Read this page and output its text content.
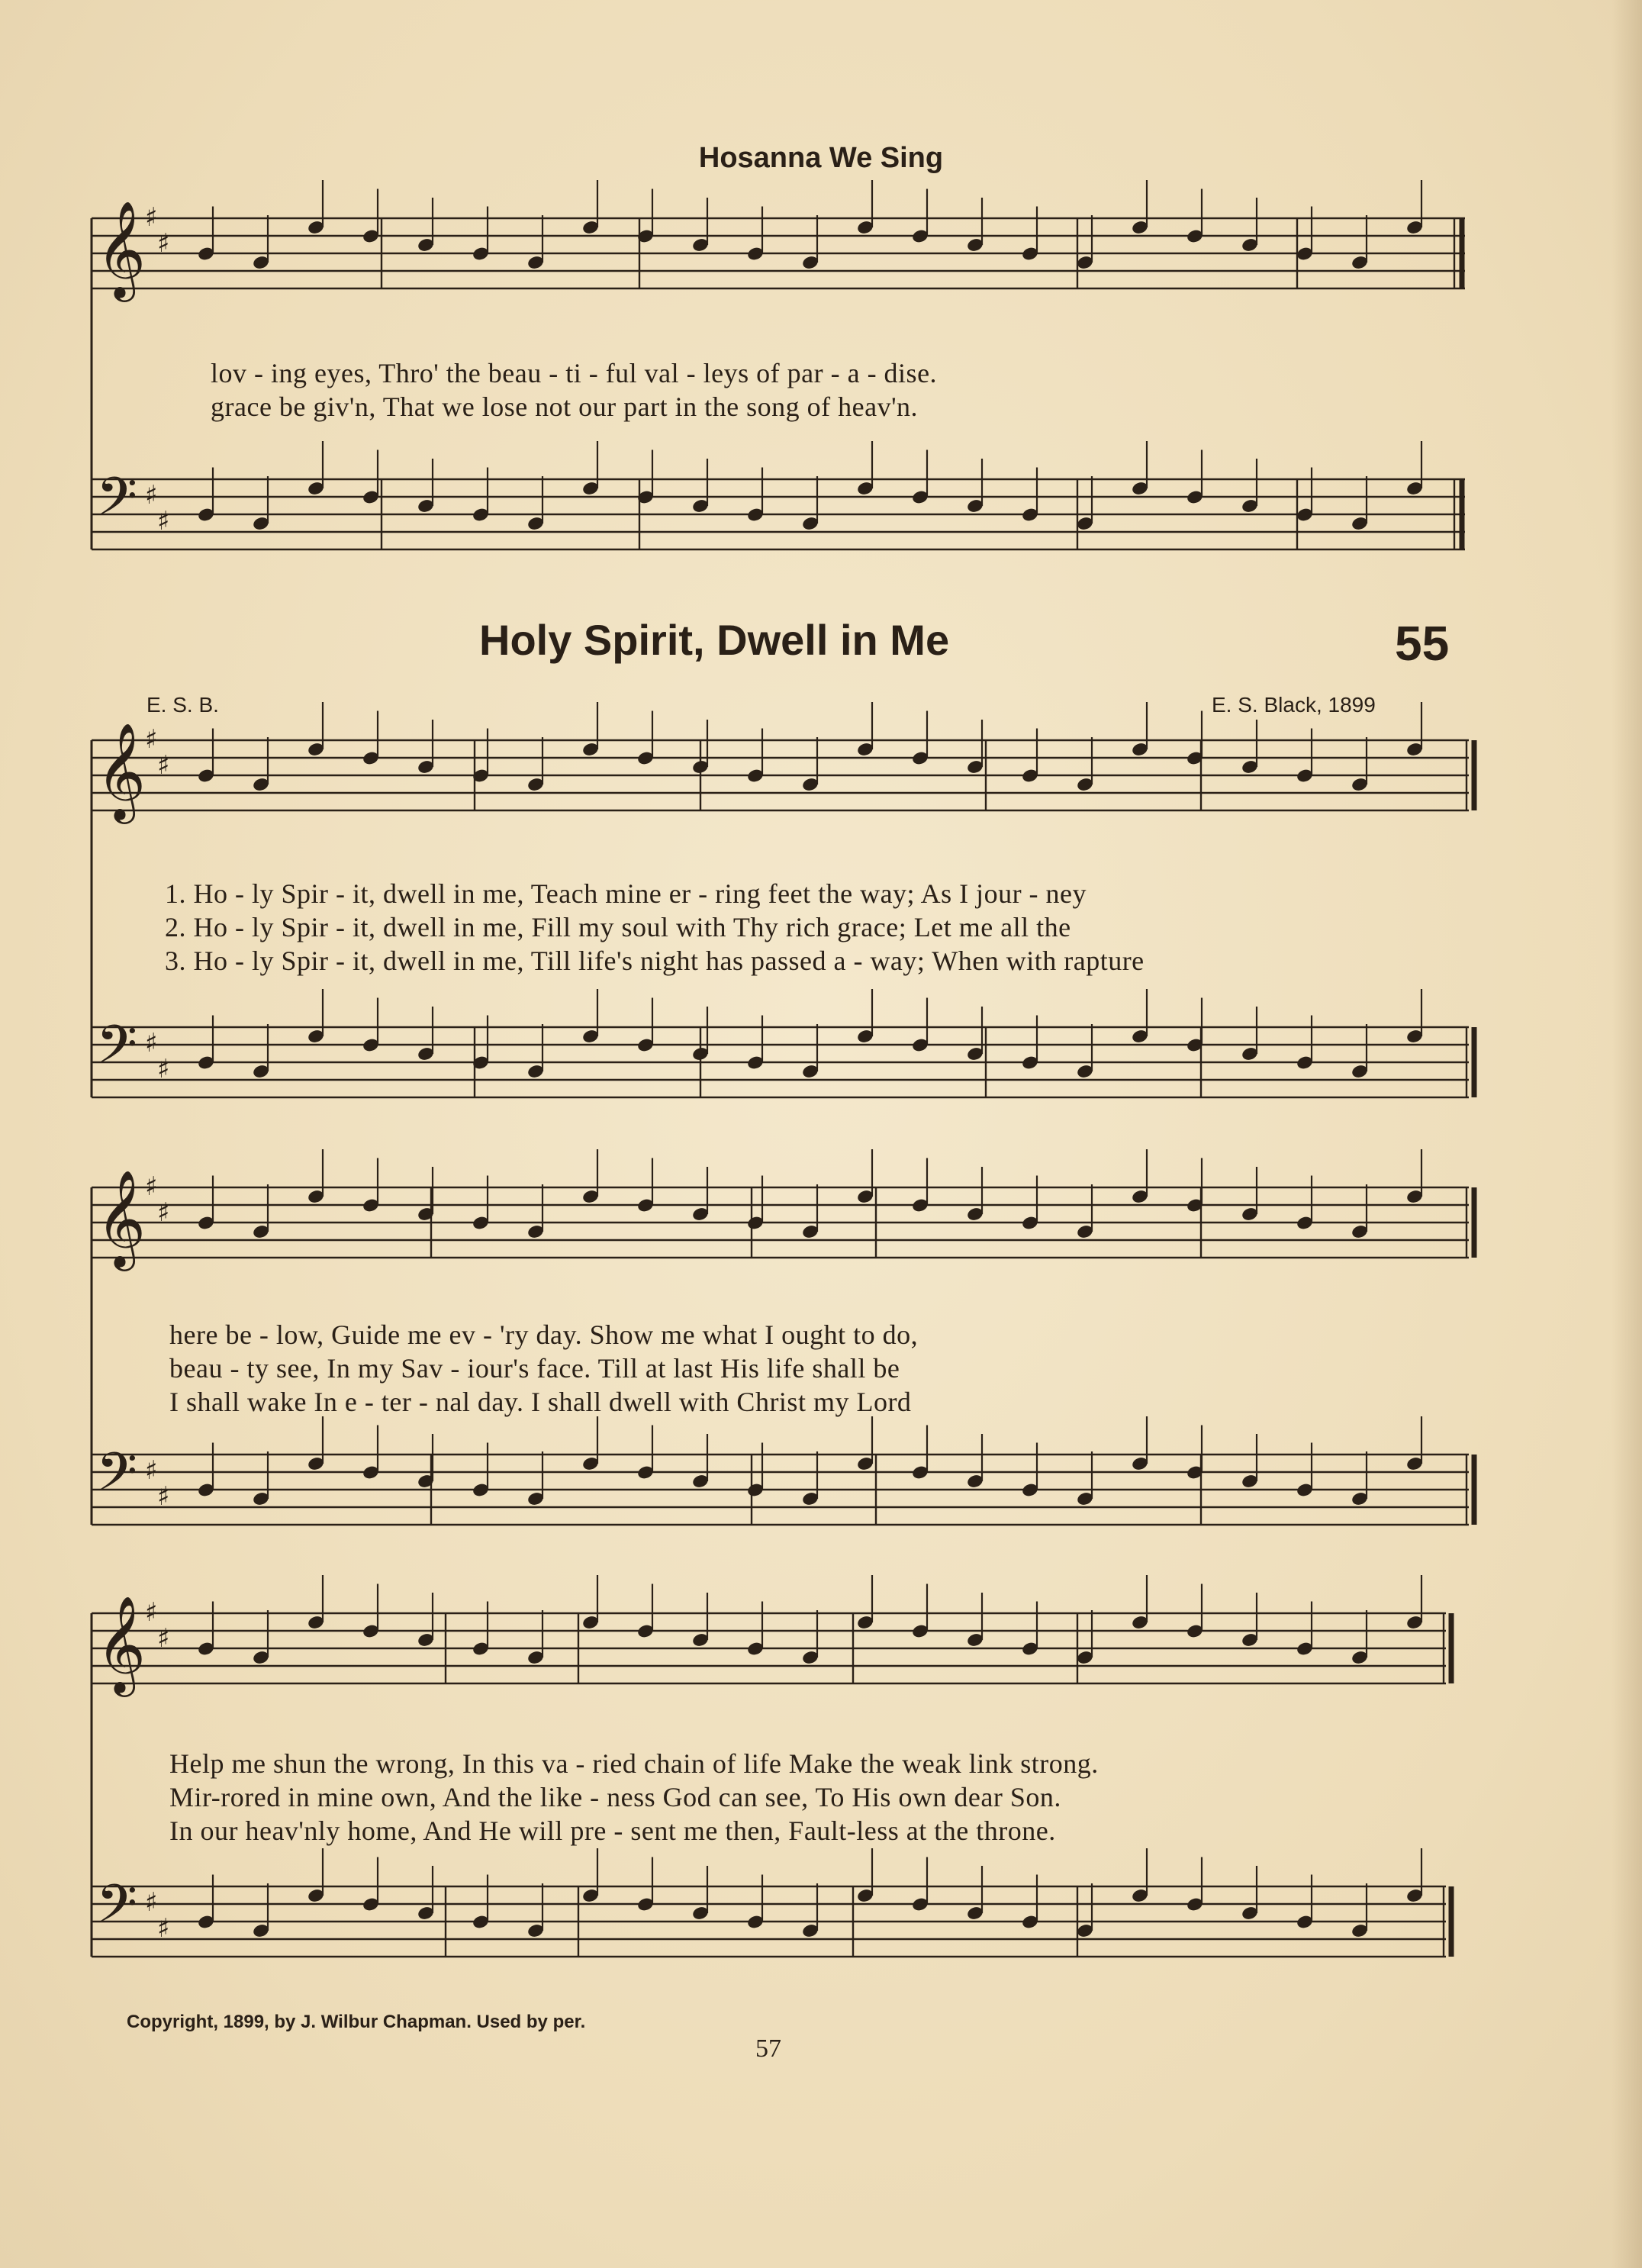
𝄞
♯
♯
𝄢 ♯
♯
𝄞
♯
♯
𝄢 ♯
♯
𝄞
♯
♯
𝄢 ♯
♯
𝄞
♯
♯
𝄢 ♯
♯
Hosanna We Sing
lov - ing eyes, Thro' the beau - ti - ful val - leys of par - a - dise.
grace be giv'n, That we lose not our part in the song of heav'n.
Holy Spirit, Dwell in Me	55
E. S. B.	E. S. Black, 1899
1. Ho - ly Spir - it, dwell in me, Teach mine er - ring feet the way; As I jour - ney
2. Ho - ly Spir - it, dwell in me, Fill my soul with Thy rich grace; Let me all the
3. Ho - ly Spir - it, dwell in me, Till life's night has passed a - way; When with rapture
here be - low, Guide me ev - 'ry day. Show me what I ought to do,
beau - ty see, In my Sav - iour's face. Till at last His life shall be
I shall wake In e - ter - nal day. I shall dwell with Christ my Lord
Help me shun the wrong, In this va - ried chain of life Make the weak link strong.
Mir-rored in mine own, And the like - ness God can see, To His own dear Son.
In our heav'nly home, And He will pre - sent me then, Fault-less at the throne.
Copyright, 1899, by J. Wilbur Chapman. Used by per.
57
